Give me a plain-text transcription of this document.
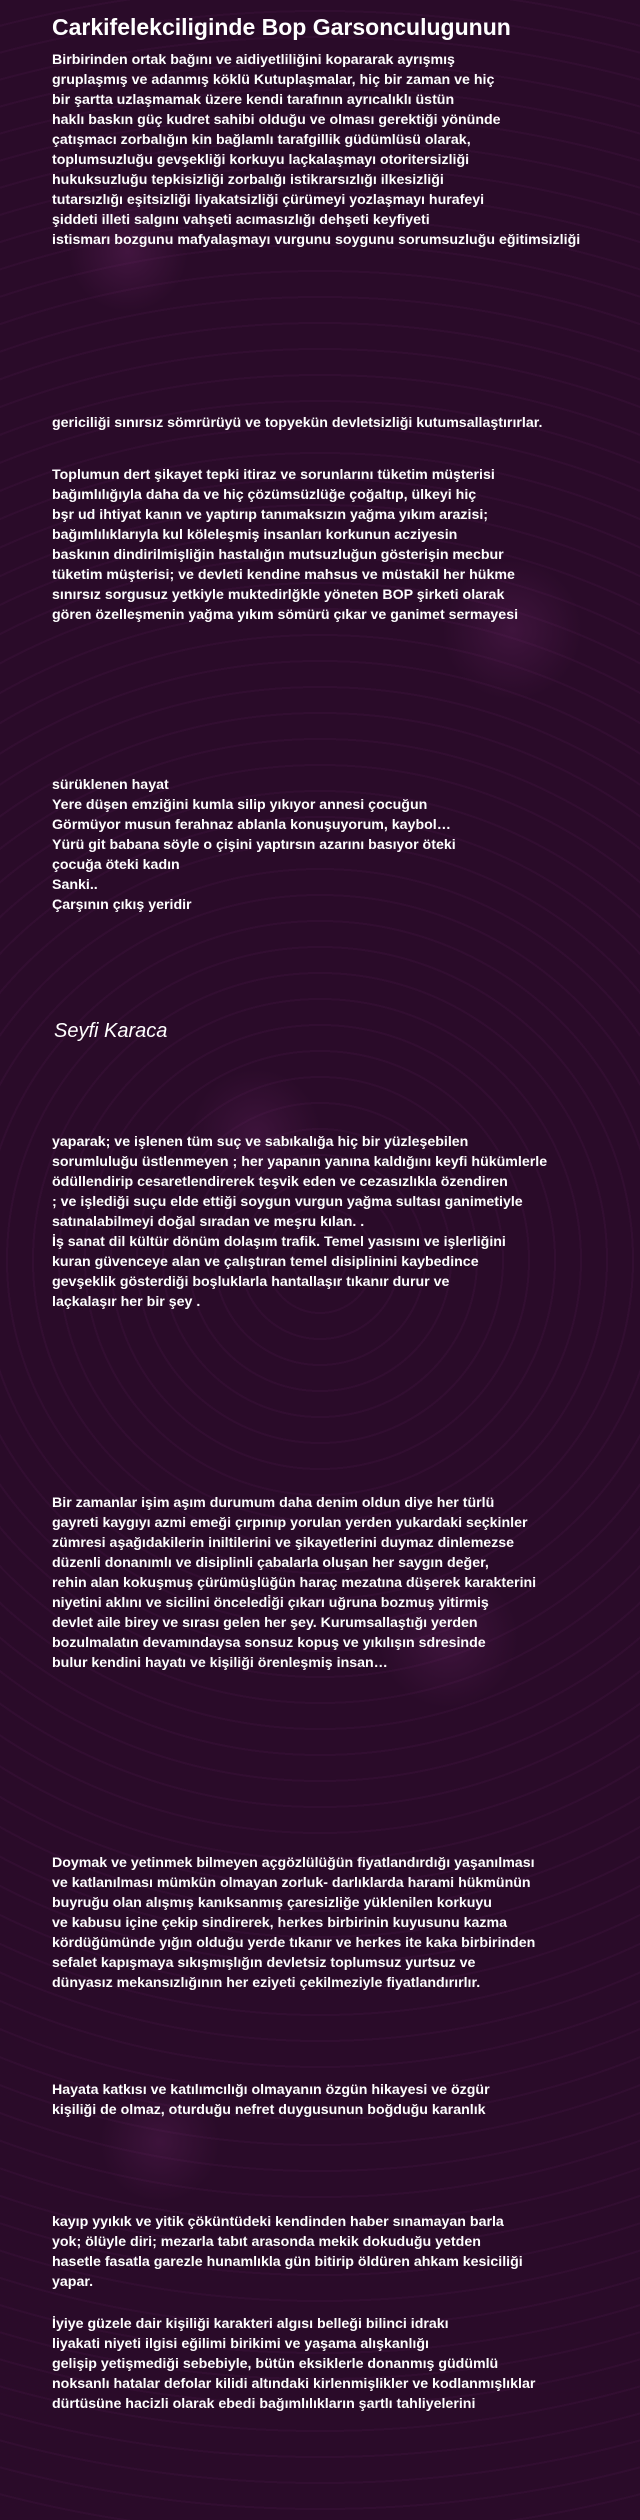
Carkifelekciliginde Bop Garsonculugunun
Birbirinden ortak bağını ve aidiyetliliğini kopararak ayrışmış
gruplaşmış ve adanmış köklü Kutuplaşmalar, hiç bir zaman ve hiç
bir şartta uzlaşmamak üzere kendi tarafının ayrıcalıklı üstün
haklı baskın güç kudret sahibi olduğu ve olması gerektiği yönünde
çatışmacı zorbalığın kin bağlamlı tarafgillik güdümlüsü olarak,
toplumsuzluğu gevşekliği korkuyu laçkalaşmayı otoritersizliği
hukuksuzluğu tepkisizliği zorbalığı istikrarsızlığı ilkesizliği
tutarsızlığı eşitsizliği liyakatsizliği çürümeyi yozlaşmayı hurafeyi
şiddeti illeti salgını vahşeti acımasızlığı dehşeti keyfiyeti
istismarı bozgunu mafyalaşmayı vurgunu soygunu sorumsuzluğu eğitimsizliği
gericiliği sınırsız sömrürüyü ve topyekün devletsizliği kutumsallaştırırlar.
Toplumun dert şikayet tepki itiraz ve sorunlarını tüketim müşterisi
bağımlılığıyla daha da ve hiç çözümsüzlüğe çoğaltıp, ülkeyi hiç
bşr ud ihtiyat kanın ve yaptırıp tanımaksızın yağma yıkım arazisi;
bağımlılıklarıyla kul köleleşmiş insanları korkunun acziyesin
baskının dindirilmişliğin hastalığın mutsuzluğun gösterişin mecbur
tüketim müşterisi; ve devleti kendine mahsus ve müstakil her hükme
sınırsız sorgusuz yetkiyle muktedirlğkle yöneten BOP şirketi olarak
gören özelleşmenin yağma yıkım sömürü çıkar ve ganimet sermayesi
sürüklenen hayat
Yere düşen emziğini kumla silip yıkıyor annesi çocuğun
Görmüyor musun ferahnaz ablanla konuşuyorum, kaybol…
Yürü git babana söyle o çişini yaptırsın azarını basıyor öteki
çocuğa öteki kadın
Sanki..
Çarşının çıkış yeridir
Seyfi Karaca
yaparak; ve işlenen tüm suç ve sabıkalığa hiç bir yüzleşebilen
sorumluluğu üstlenmeyen ; her yapanın yanına kaldığını keyfi hükümlerle
ödüllendirip cesaretlendirerek teşvik eden ve cezasızlıkla özendiren
; ve işlediği suçu elde ettiği soygun vurgun yağma sultası ganimetiyle
satınalabilmeyi doğal sıradan ve meşru kılan. .
İş sanat dil kültür dönüm dolaşım trafik. Temel yasısını ve işlerliğini
kuran güvenceye alan ve çalıştıran temel disiplinini kaybedince
gevşeklik gösterdiği boşluklarla hantallaşır tıkanır durur ve
laçkalaşır her bir şey .
Bir zamanlar işim aşım durumum daha denim oldun diye her türlü
gayreti kaygıyı azmi emeği çırpınıp yorulan yerden yukardaki seçkinler
zümresi aşağıdakilerin iniltilerini ve şikayetlerini duymaz dinlemezse
düzenli donanımlı ve disiplinli çabalarla oluşan her saygın değer,
rehin alan kokuşmuş çürümüşlüğün haraç mezatına düşerek karakterini
niyetini aklını ve sicilini önceledi̇ği çıkarı uğruna bozmuş yitirmiş
devlet aile birey ve sırası gelen her şey. Kurumsallaştığı yerden
bozulmalatın devamındaysa sonsuz kopuş ve yıkılışın sdresinde
bulur kendini hayatı ve kişiliği örenleşmiş insan…
Doymak ve yetinmek bilmeyen açgözlülüğün fiyatlandırdığı yaşanılması
ve katlanılması mümkün olmayan zorluk- darlıklarda harami hükmünün
buyruğu olan alışmış kanıksanmış çaresizliğe yüklenilen korkuyu
ve kabusu içine çekip sindirerek, herkes birbirinin kuyusunu kazma
kördüğümünde yığın olduğu yerde tıkanır ve herkes ite kaka birbirinden
sefalet kapışmaya sıkışmışlığın devletsiz toplumsuz yurtsuz ve
dünyasız mekansızlığının her eziyeti çekilmeziyle fiyatlandırırlır.
Hayata katkısı ve katılımcılığı olmayanın özgün hikayesi ve özgür
kişiliği de olmaz, oturduğu nefret duygusunun boğduğu karanlık
kayıp yyıkık ve yitik çöküntüdeki kendinden haber sınamayan barla
yok; ölüyle diri; mezarla tabıt arasonda mekik dokuduğu yetden
hasetle fasatla garezle hunamlıkla gün bitirip öldüren ahkam kesiciliği
yapar.
İyiye güzele dair kişiliği karakteri algısı belleği bilinci idrakı
liyakati niyeti ilgisi eğilimi birikimi ve yaşama alışkanlığı
gelişip yetişmediği sebebiyle, bütün eksiklerle donanmış güdümlü
noksanlı hatalar defolar kilidi altındaki kirlenmişlikler ve kodlanmışlıklar
dürtüsüne hacizli olarak ebedi bağımlılıkların şartlı tahliyelerini
